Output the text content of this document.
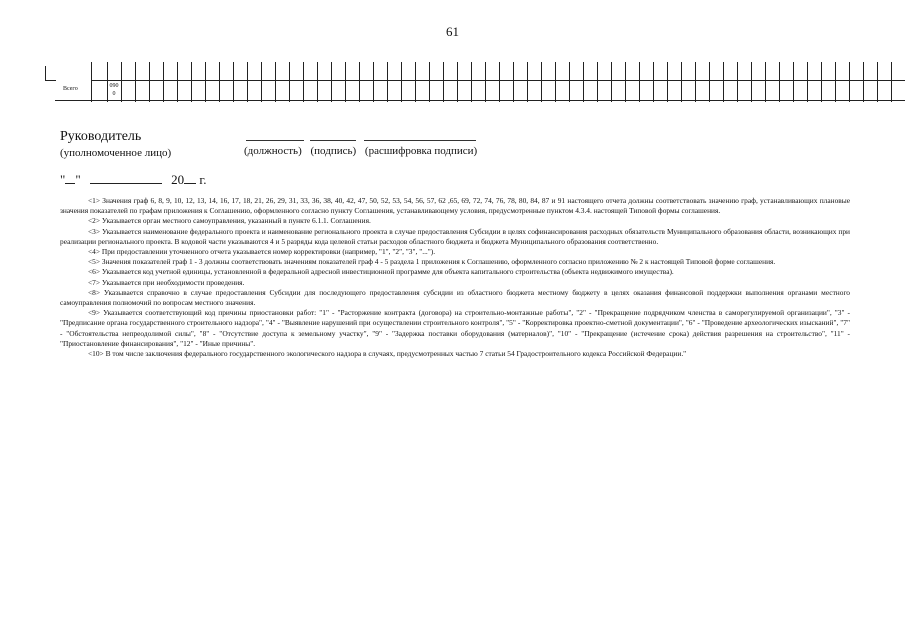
61
Всего	090
0
Руководитель
(уполномоченное лицо)	(должность) (подпись) (расшифровка подписи)
" "	20 г.

<1> Значения граф 6, 8, 9, 10, 12, 13, 14, 16, 17, 18, 21, 26, 29, 31, 33, 36, 38, 40, 42, 47, 50, 52, 53, 54, 56, 57, 62 ,65, 69, 72, 74, 76, 78, 80, 84, 87 и 91 настоящего отчета должны соответствовать значению граф, устанавливающих плановые значения показателей по графам приложения к Соглашению, оформленного согласно пункту Соглашения, устанавливающему условия, предусмотренные пунктом 4.3.4. настоящей Типовой формы соглашения.

<2> Указывается орган местного самоуправления, указанный в пункте 6.1.1. Соглашения.

<3> Указывается наименование федерального проекта и наименование регионального проекта в случае предоставления Субсидии в целях софинансирования расходных обязательств Муниципального образования области, возникающих при реализации регионального проекта. В кодовой части указываются 4 и 5 разряды кода целевой статьи расходов областного бюджета и бюджета Муниципального образования соответственно.

<4> При предоставлении уточненного отчета указывается номер корректировки (например, "1", "2", "3", "...").

<5> Значения показателей граф 1 - 3 должны соответствовать значениям показателей граф 4 - 5 раздела 1 приложения к Соглашению, оформленного согласно приложению № 2 к настоящей Типовой форме соглашения.

<6> Указывается код учетной единицы, установленной в федеральной адресной инвестиционной программе для объекта капитального строительства (объекта недвижимого имущества).

<7> Указывается при необходимости проведения.

<8> Указывается справочно в случае предоставления Субсидии для последующего предоставления субсидии из областного бюджета местному бюджету в целях оказания финансовой поддержки выполнения органами местного самоуправления полномочий по вопросам местного значения.

<9> Указывается соответствующий код причины приостановки работ: "1" - "Расторжение контракта (договора) на строительно-монтажные работы", "2" - "Прекращение подрядчиком членства в саморегулируемой организации", "3" - "Предписание органа государственного строительного надзора", "4" - "Выявление нарушений при осуществлении строительного контроля", "5" - "Корректировка проектно-сметной документации", "6" - "Проведение археологических изысканий", "7" - "Обстоятельства непреодолимой силы", "8" - "Отсутствие доступа к земельному участку", "9" - "Задержка поставки оборудования (материалов)", "10" - "Прекращение (истечение срока) действия разрешения на строительство", "11" - "Приостановление финансирования", "12" - "Иные причины".

<10> В том числе заключения федерального государственного экологического надзора в случаях, предусмотренных частью 7 статьи 54 Градостроительного кодекса Российской Федерации."
